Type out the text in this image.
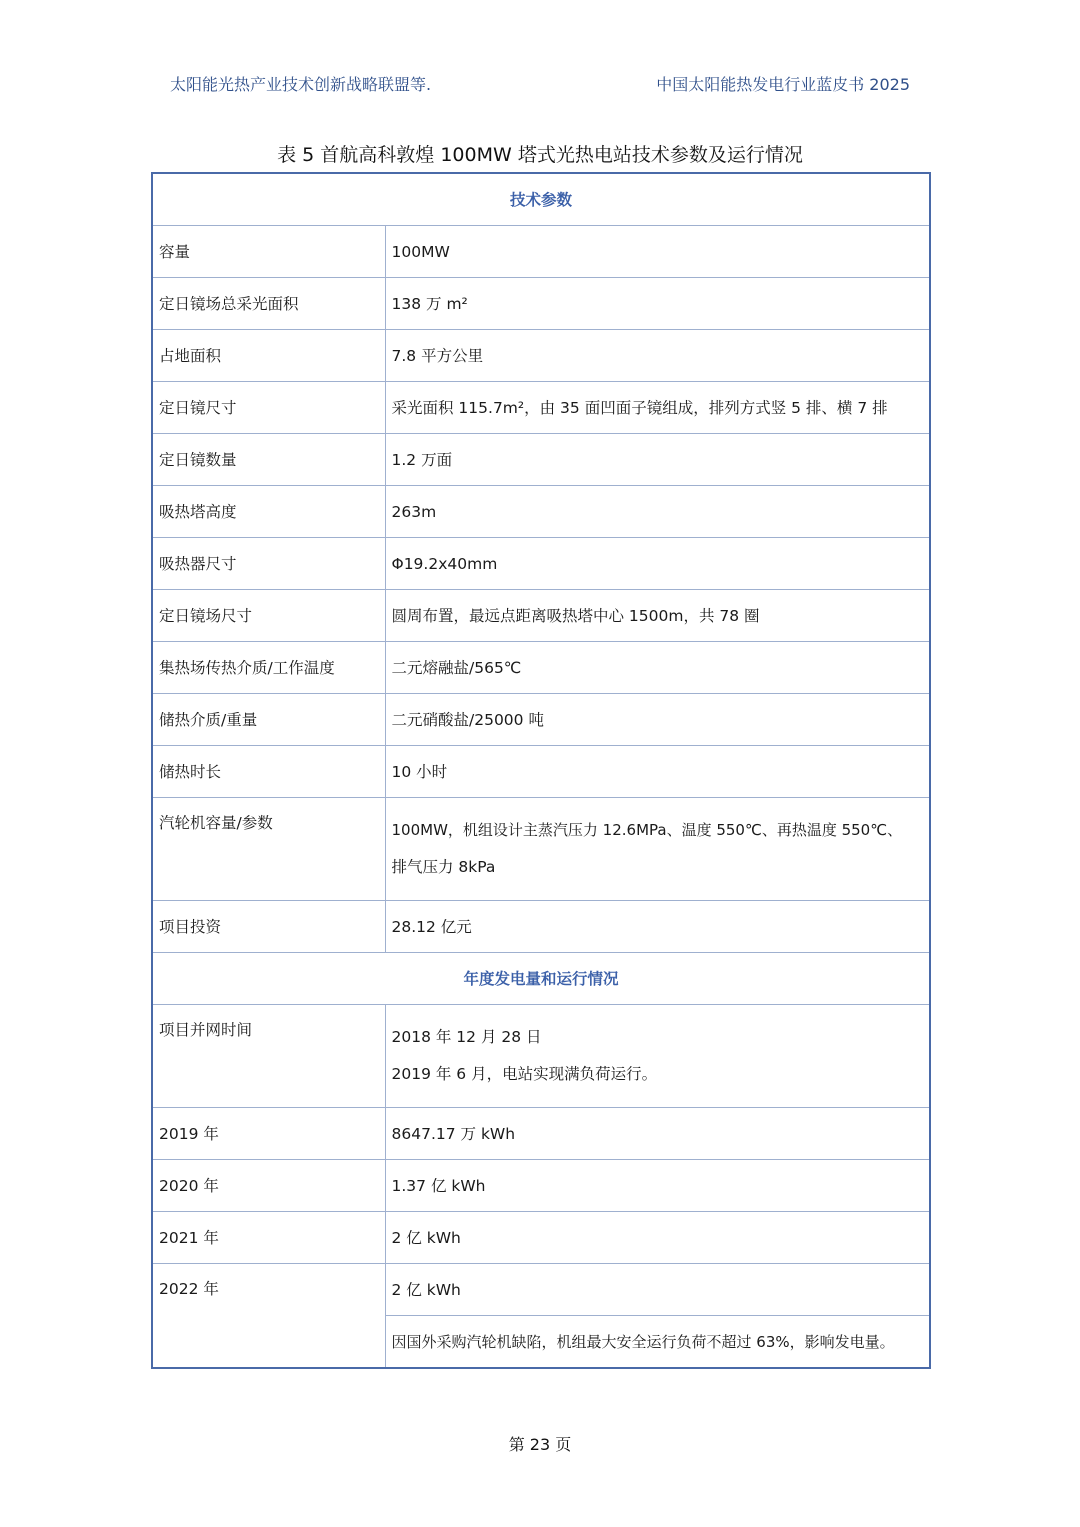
太阳能光热产业技术创新战略联盟等.	中国太阳能热发电行业蓝皮书 2025
表 5 首航高科敦煌 100MW 塔式光热电站技术参数及运行情况
技术参数	
容量	100MW
定日镜场总采光面积	138 万 m²
占地面积	7.8 平方公里
定日镜尺寸	采光面积 115.7m²，由 35 面凹面子镜组成，排列方式竖 5 排、横 7 排
定日镜数量	1.2 万面
吸热塔高度	263m
吸热器尺寸	Φ19.2x40mm
定日镜场尺寸	圆周布置，最远点距离吸热塔中心 1500m，共 78 圈
集热场传热介质/工作温度	二元熔融盐/565℃
储热介质/重量	二元硝酸盐/25000 吨
储热时长	10 小时
汽轮机容量/参数	100MW，机组设计主蒸汽压力 12.6MPa、温度 550℃、再热温度 550℃、
排气压力 8kPa

项目投资	28.12 亿元
年度发电量和运行情况	
项目并网时间	2018 年 12 月 28 日
2019 年 6 月，电站实现满负荷运行。

2019 年	8647.17 万 kWh
2020 年	1.37 亿 kWh
2021 年	2 亿 kWh
2022 年	2 亿 kWh
	因国外采购汽轮机缺陷，机组最大安全运行负荷不超过 63%，影响发电量。
第 23 页
